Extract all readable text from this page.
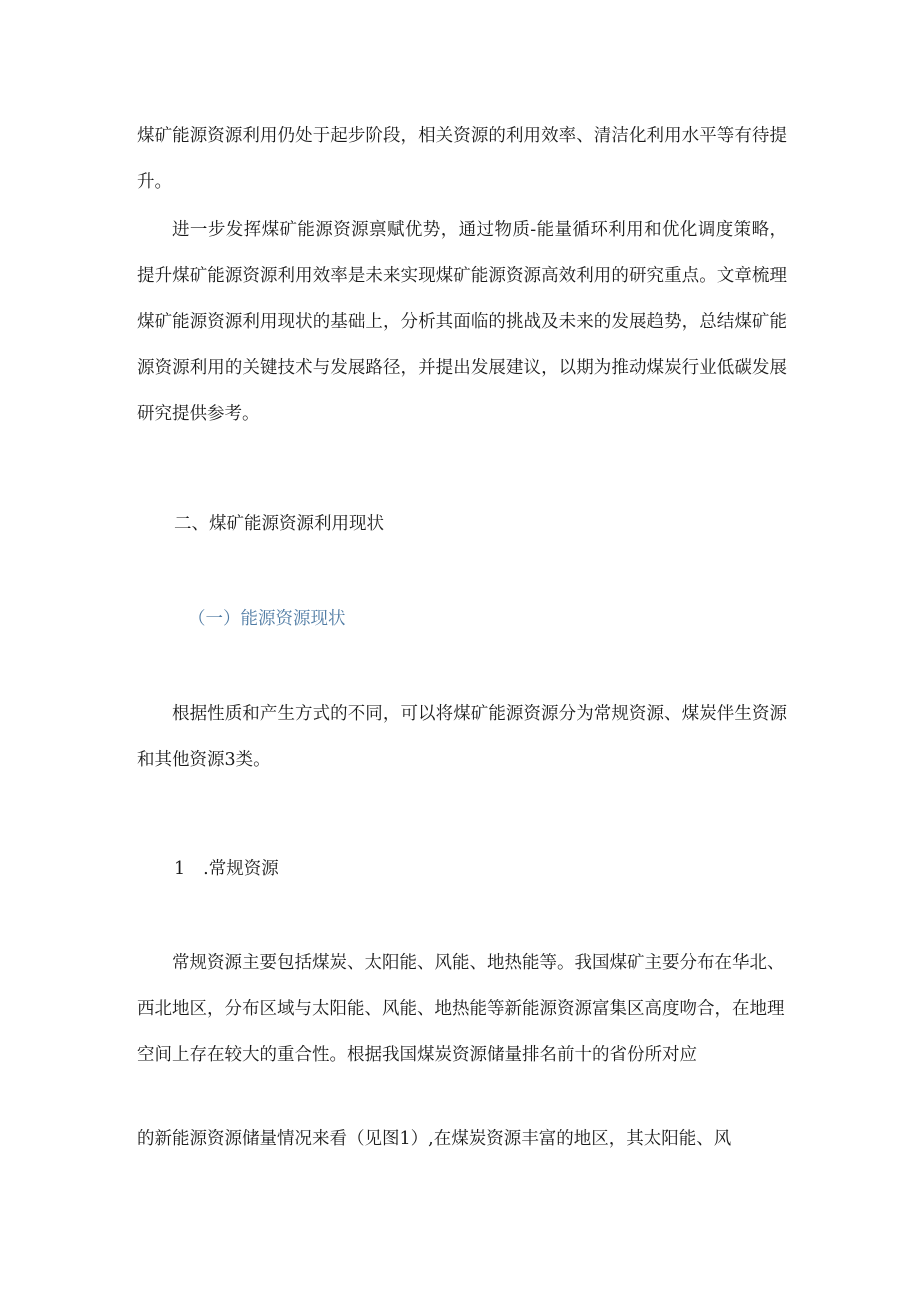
煤矿能源资源利用仍处于起步阶段，相关资源的利用效率、清洁化利用水平等有待提升。

进一步发挥煤矿能源资源禀赋优势，通过物质-能量循环利用和优化调度策略，提升煤矿能源资源利用效率是未来实现煤矿能源资源高效利用的研究重点。文章梳理煤矿能源资源利用现状的基础上，分析其面临的挑战及未来的发展趋势，总结煤矿能源资源利用的关键技术与发展路径，并提出发展建议，以期为推动煤炭行业低碳发展研究提供参考。

二、煤矿能源资源利用现状
（一）能源资源现状

根据性质和产生方式的不同，可以将煤矿能源资源分为常规资源、煤炭伴生资源和其他资源3类。

1 .常规资源

常规资源主要包括煤炭、太阳能、风能、地热能等。我国煤矿主要分布在华北、西北地区，分布区域与太阳能、风能、地热能等新能源资源富集区高度吻合，在地理空间上存在较大的重合性。根据我国煤炭资源储量排名前十的省份所对应

的新能源资源储量情况来看（见图1）,在煤炭资源丰富的地区，其太阳能、风
